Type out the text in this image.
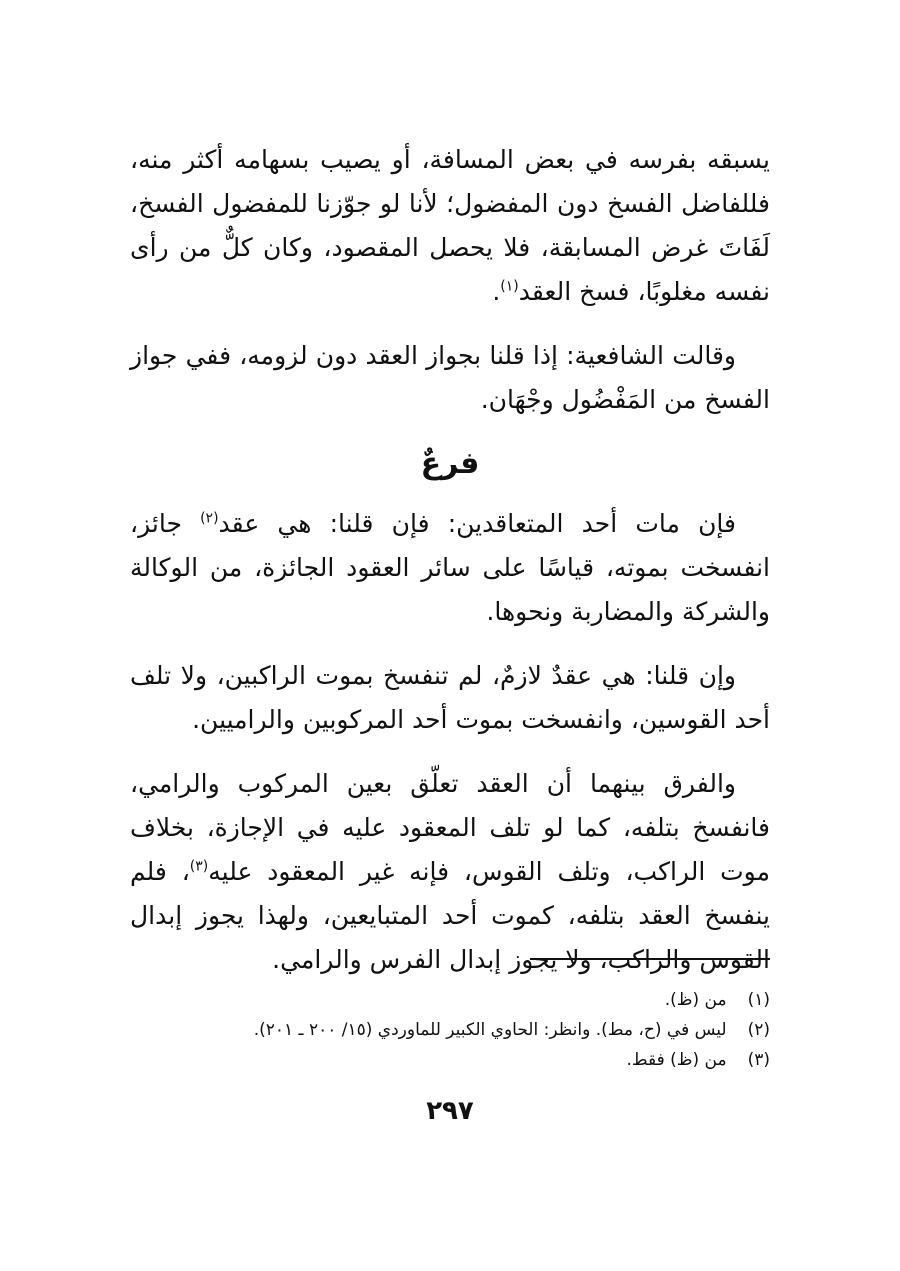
يسبقه بفرسه في بعض المسافة، أو يصيب بسهامه أكثر منه، فللفاضل الفسخ دون المفضول؛ لأنا لو جوّزنا للمفضول الفسخ، لَفَاتَ غرض المسابقة، فلا يحصل المقصود، وكان كلٌّ من رأى نفسه مغلوبًا، فسخ العقد$^{(١)}$.

وقالت الشافعية: إذا قلنا بجواز العقد دون لزومه، ففي جواز الفسخ من المَفْضُول وجْهَان.

فرعٌ

فإن مات أحد المتعاقدين: فإن قلنا: هي عقد$^{(٢)}$ جائز، انفسخت بموته، قياسًا على سائر العقود الجائزة، من الوكالة والشركة والمضاربة ونحوها.

وإن قلنا: هي عقدٌ لازمٌ، لم تنفسخ بموت الراكبين، ولا تلف أحد القوسين، وانفسخت بموت أحد المركوبين والراميين.

والفرق بينهما أن العقد تعلّق بعين المركوب والرامي، فانفسخ بتلفه، كما لو تلف المعقود عليه في الإجازة، بخلاف موت الراكب، وتلف القوس، فإنه غير المعقود عليه$^{(٣)}$، فلم ينفسخ العقد بتلفه، كموت أحد المتبايعين، ولهذا يجوز إبدال القوس والراكب، ولا يجوز إبدال الفرس والرامي.

(١) من (ظ).
(٢) ليس في (ح، مط). وانظر: الحاوي الكبير للماوردي (١٥/ ٢٠٠ ـ ٢٠١).
(٣) من (ظ) فقط.
٢٩٧
